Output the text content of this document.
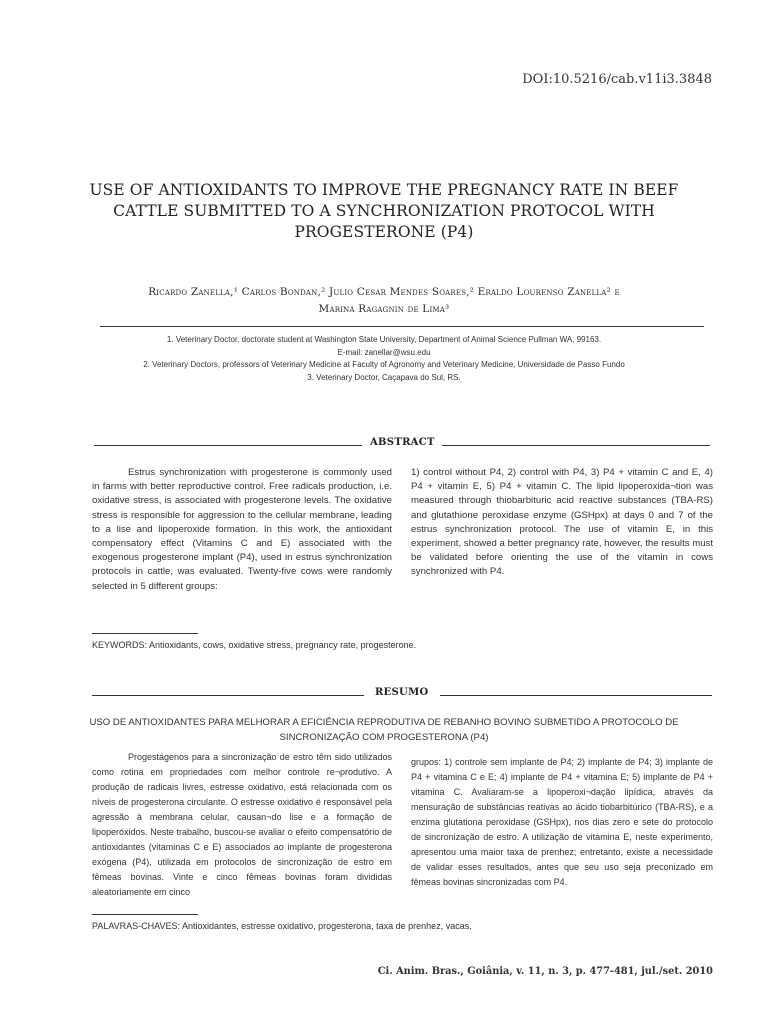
DOI:10.5216/cab.v11i3.3848
USE OF ANTIOXIDANTS TO IMPROVE THE PREGNANCY RATE IN BEEF CATTLE SUBMITTED TO A SYNCHRONIZATION PROTOCOL WITH PROGESTERONE (P4)
Ricardo Zanella,¹ Carlos Bondan,² Julio Cesar Mendes Soares,² Eraldo Lourenso Zanella² e
Marina Ragagnin de Lima³
1. Veterinary Doctor, doctorate student at Washington State University, Department of Animal Science Pullman WA, 99163.
E-mail: zanellar@wsu.edu
2. Veterinary Doctors, professors of Veterinary Medicine at Faculty of Agronomy and Veterinary Medicine, Universidade de Passo Fundo
3. Veterinary Doctor, Caçapava do Sul, RS.
ABSTRACT
Estrus synchronization with progesterone is commonly used in farms with better reproductive control. Free radicals production, i.e. oxidative stress, is associated with progesterone levels. The oxidative stress is responsible for aggression to the cellular membrane, leading to a lise and lipoperoxide formation. In this work, the antioxidant compensatory effect (Vitamins C and E) associated with the exogenous progesterone implant (P4), used in estrus synchronization protocols in cattle, was evaluated. Twenty-five cows were randomly selected in 5 different groups:
1) control without P4, 2) control with P4, 3) P4 + vitamin C and E, 4) P4 + vitamin E, 5) P4 + vitamin C. The lipid lipoperoxida¬tion was measured through thiobarbituric acid reactive substances (TBA-RS) and glutathione peroxidase enzyme (GSHpx) at days 0 and 7 of the estrus synchronization protocol. The use of vitamin E, in this experiment, showed a better pregnancy rate, however, the results must be validated before orienting the use of the vitamin in cows synchronized with P4.
KEYWORDS: Antioxidants, cows, oxidative stress, pregnancy rate, progesterone.
RESUMO
USO DE ANTIOXIDANTES PARA MELHORAR A EFICIÊNCIA REPRODUTIVA DE REBANHO BOVINO SUBMETIDO A PROTOCOLO DE SINCRONIZAÇÃO COM PROGESTERONA (P4)
Progestágenos para a sincronização de estro têm sido utilizados como rotina em propriedades com melhor controle re¬produtivo. A produção de radicais livres, estresse oxidativo, está relacionada com os níveis de progesterona circulante. O estresse oxidativo é responsável pela agressão à membrana celular, causan¬do lise e a formação de lipoperóxidos. Neste trabalho, buscou-se avaliar o efeito compensatório de antioxidantes (vitaminas C e E) associados ao implante de progesterona exógena (P4), utilizada em protocolos de sincronização de estro em fêmeas bovinas. Vinte e cinco fêmeas bovinas foram divididas aleatoriamente em cinco
grupos: 1) controle sem implante de P4; 2) implante de P4; 3) implante de P4 + vitamina C e E; 4) implante de P4 + vitamina E; 5) implante de P4 + vitamina C. Avaliaram-se a lipoperoxi¬dação lipídica, através da mensuração de substâncias reativas ao ácido tiobarbitúrico (TBA-RS), e a enzima glutationa peroxidase (GSHpx), nos dias zero e sete do protocolo de sincronização de estro. A utilização de vitamina E, neste experimento, apresentou uma maior taxa de prenhez; entretanto, existe a necessidade de validar esses resultados, antes que seu uso seja preconizado em fêmeas bovinas sincronizadas com P4.
PALAVRAS-CHAVES: Antioxidantes, estresse oxidativo, progesterona, taxa de prenhez, vacas.
Ci. Anim. Bras., Goiânia, v. 11, n. 3, p. 477-481, jul./set. 2010
